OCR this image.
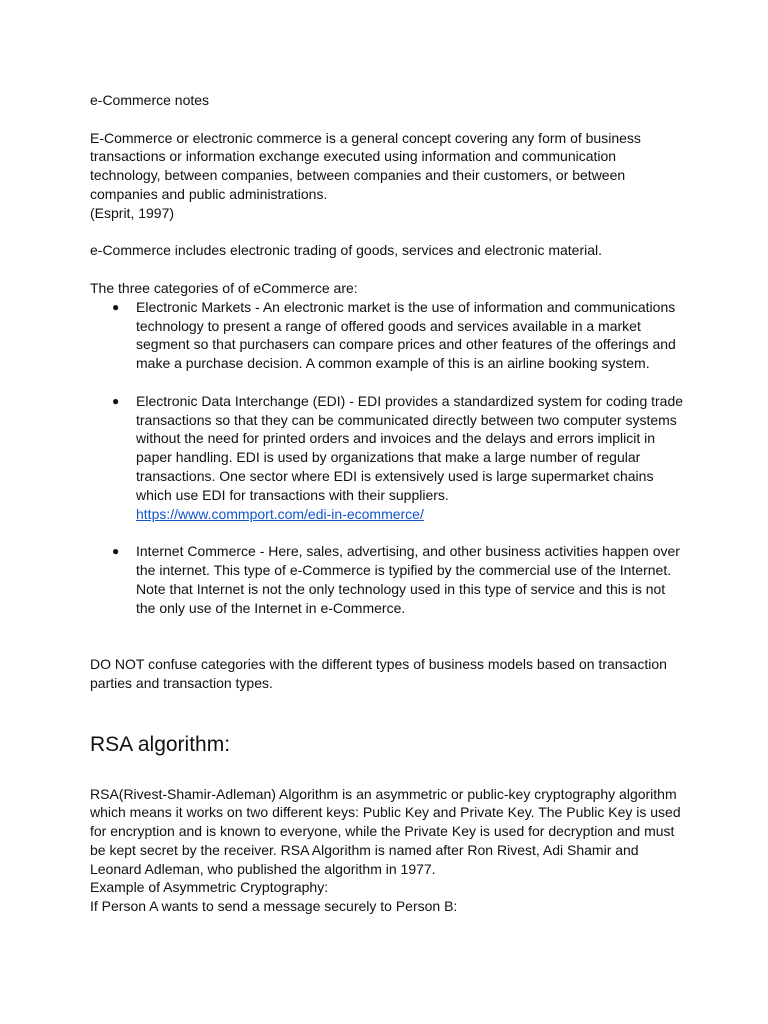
e-Commerce notes

E-Commerce or electronic commerce is a general concept covering any form of business
transactions or information exchange executed using information and communication
technology, between companies, between companies and their customers, or between
companies and public administrations.

(Esprit, 1997)

e-Commerce includes electronic trading of goods, services and electronic material.

The three categories of of eCommerce are:

● Electronic Markets - An electronic market is the use of information and communications
technology to present a range of offered goods and services available in a market
segment so that purchasers can compare prices and other features of the offerings and
make a purchase decision. A common example of this is an airline booking system.
● Electronic Data Interchange (EDI) - EDI provides a standardized system for coding trade
transactions so that they can be communicated directly between two computer systems
without the need for printed orders and invoices and the delays and errors implicit in
paper handling. EDI is used by organizations that make a large number of regular
transactions. One sector where EDI is extensively used is large supermarket chains
which use EDI for transactions with their suppliers.
https://www.commport.com/edi-in-ecommerce/
● Internet Commerce - Here, sales, advertising, and other business activities happen over
the internet. This type of e-Commerce is typified by the commercial use of the Internet.
Note that Internet is not the only technology used in this type of service and this is not
the only use of the Internet in e-Commerce.

DO NOT confuse categories with the different types of business models based on transaction
parties and transaction types.

RSA algorithm:

RSA(Rivest-Shamir-Adleman) Algorithm is an asymmetric or public-key cryptography algorithm
which means it works on two different keys: Public Key and Private Key. The Public Key is used
for encryption and is known to everyone, while the Private Key is used for decryption and must
be kept secret by the receiver. RSA Algorithm is named after Ron Rivest, Adi Shamir and
Leonard Adleman, who published the algorithm in 1977.

Example of Asymmetric Cryptography:

If Person A wants to send a message securely to Person B:
